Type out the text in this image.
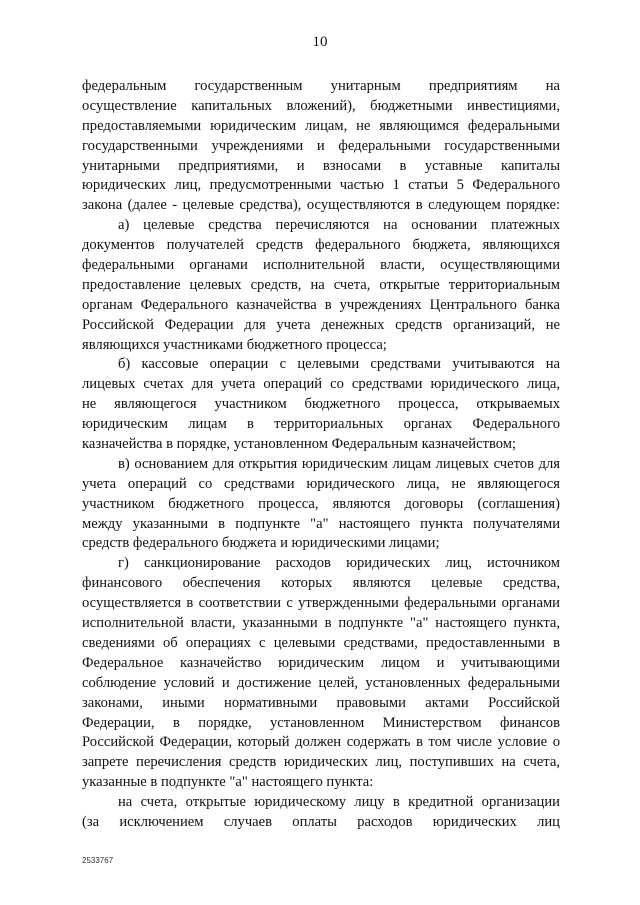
10
федеральным государственным унитарным предприятиям на
осуществление капитальных вложений), бюджетными инвестициями,
предоставляемыми юридическим лицам, не являющимся федеральными
государственными учреждениями и федеральными государственными
унитарными предприятиями, и взносами в уставные капиталы
юридических лиц, предусмотренными частью 1 статьи 5 Федерального
закона (далее - целевые средства), осуществляются в следующем порядке:
а) целевые средства перечисляются на основании платежных
документов получателей средств федерального бюджета, являющихся
федеральными органами исполнительной власти, осуществляющими
предоставление целевых средств, на счета, открытые территориальным
органам Федерального казначейства в учреждениях Центрального банка
Российской Федерации для учета денежных средств организаций, не
являющихся участниками бюджетного процесса;
б) кассовые операции с целевыми средствами учитываются на
лицевых счетах для учета операций со средствами юридического лица,
не являющегося участником бюджетного процесса, открываемых
юридическим лицам в территориальных органах Федерального
казначейства в порядке, установленном Федеральным казначейством;
в) основанием для открытия юридическим лицам лицевых счетов для
учета операций со средствами юридического лица, не являющегося
участником бюджетного процесса, являются договоры (соглашения)
между указанными в подпункте "а" настоящего пункта получателями
средств федерального бюджета и юридическими лицами;
г) санкционирование расходов юридических лиц, источником
финансового обеспечения которых являются целевые средства,
осуществляется в соответствии с утвержденными федеральными органами
исполнительной власти, указанными в подпункте "а" настоящего пункта,
сведениями об операциях с целевыми средствами, предоставленными в
Федеральное казначейство юридическим лицом и учитывающими
соблюдение условий и достижение целей, установленных федеральными
законами, иными нормативными правовыми актами Российской
Федерации, в порядке, установленном Министерством финансов
Российской Федерации, который должен содержать в том числе условие о
запрете перечисления средств юридических лиц, поступивших на счета,
указанные в подпункте "а" настоящего пункта:
на счета, открытые юридическому лицу в кредитной организации
(за исключением случаев оплаты расходов юридических лиц
2533767
